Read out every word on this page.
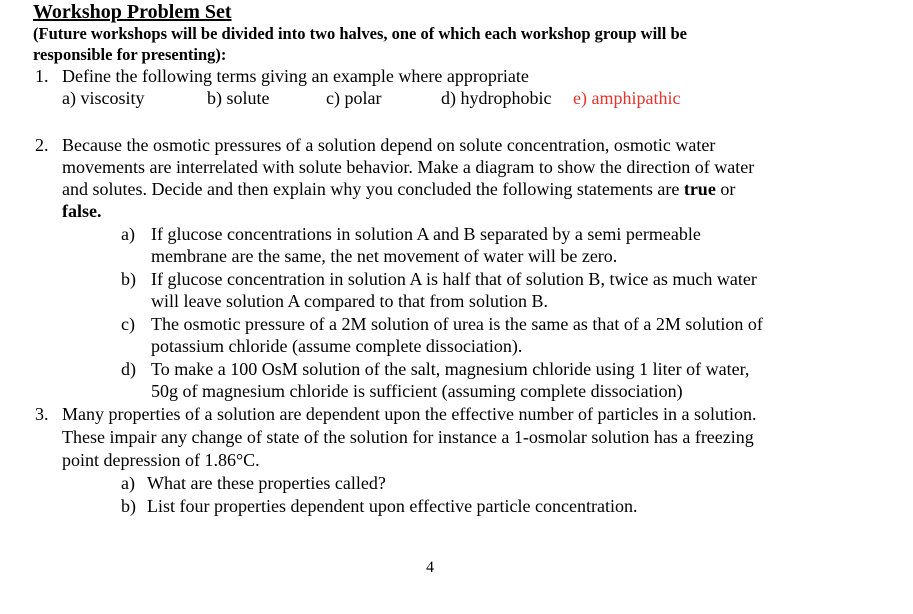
Workshop Problem Set
(Future workshops will be divided into two halves, one of which each workshop group will be
responsible for presenting):
1. Define the following terms giving an example where appropriate
a) viscosity	b) solute	c) polar	d) hydrophobic e) amphipathic
2. Because the osmotic pressures of a solution depend on solute concentration, osmotic water
movements are interrelated with solute behavior. Make a diagram to show the direction of water
and solutes. Decide and then explain why you concluded the following statements are true or
false.
a) If glucose concentrations in solution A and B separated by a semi permeable
membrane are the same, the net movement of water will be zero.
b) If glucose concentration in solution A is half that of solution B, twice as much water
will leave solution A compared to that from solution B.
c) The osmotic pressure of a 2M solution of urea is the same as that of a 2M solution of
potassium chloride (assume complete dissociation).
d) To make a 100 OsM solution of the salt, magnesium chloride using 1 liter of water,
50g of magnesium chloride is sufficient (assuming complete dissociation)
3. Many properties of a solution are dependent upon the effective number of particles in a solution.
These impair any change of state of the solution for instance a 1-osmolar solution has a freezing
point depression of 1.86°C.
a) What are these properties called?
b) List four properties dependent upon effective particle concentration.
4
